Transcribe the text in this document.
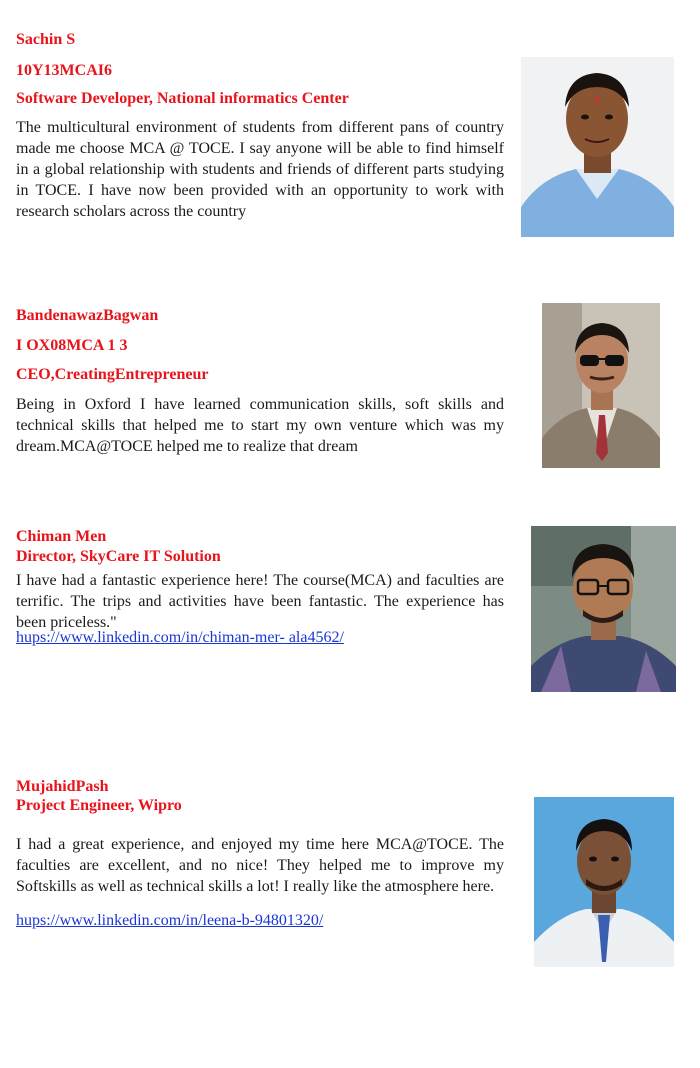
Sachin S

10Y13MCAI6

Software Developer, National informatics Center

The multicultural environment of students from different pans of country made me choose MCA @ TOCE. I say anyone will be able to find himself in a global relationship with students and friends of different parts studying in TOCE. I have now been provided with an opportunity to work with research scholars across the country

BandenawazBagwan

I OX08MCA 1 3

CEO,CreatingEntrepreneur

Being in Oxford I have learned communication skills, soft skills and technical skills that helped me to start my own venture which was my dream.MCA@TOCE helped me to realize that dream

Chiman Men

Director, SkyCare IT Solution

I have had a fantastic experience here! The course(MCA) and faculties are terrific. The trips and activities have been fantastic. The experience has been priceless."

hups://www.linkedin.com/in/chiman-mer- ala4562/

MujahidPash

Project Engineer, Wipro

I had a great experience, and enjoyed my time here MCA@TOCE. The faculties are excellent, and no nice! They helped me to improve my Softskills as well as technical skills a lot! I really like the atmosphere here.

hups://www.linkedin.com/in/leena-b-94801320/
